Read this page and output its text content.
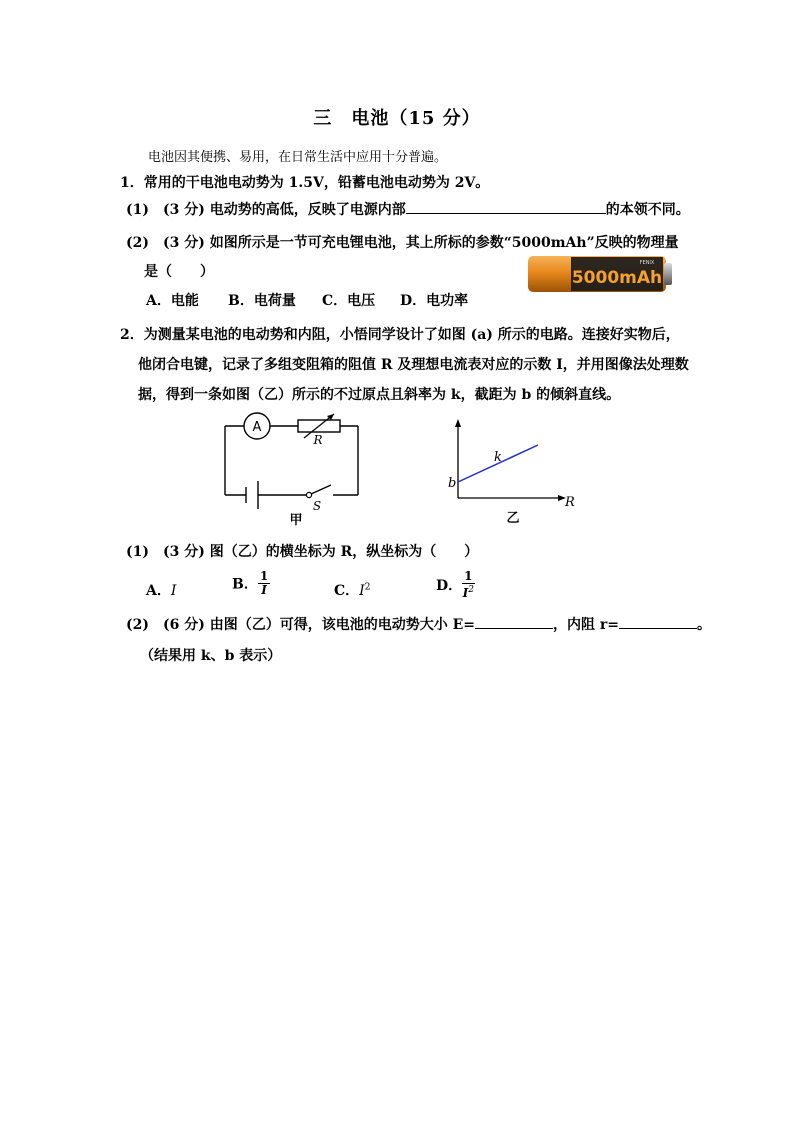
三　电池（15 分）
电池因其便携、易用，在日常生活中应用十分普遍。
1．常用的干电池电动势为 1.5V，铅蓄电池电动势为 2V。
(1)　(3 分) 电动势的高低，反映了电源内部	的本领不同。
(2)　(3 分) 如图所示是一节可充电锂电池，其上所标的参数“5000mAh”反映的物理量
是（　　）	5000mAh
FENIX
A．电能 B．电荷量 C．电压 D．电功率
2．为测量某电池的电动势和内阻，小悟同学设计了如图 (a) 所示的电路。连接好实物后，
他闭合电键，记录了多组变阻箱的阻值 R 及理想电流表对应的示数 I，并用图像法处理数
据，得到一条如图（乙）所示的不过原点且斜率为 k，截距为 b 的倾斜直线。
A
R
S
甲
k
b
R
乙
(1)　(3 分) 图（乙）的横坐标为 R，纵坐标为（　　）
A．I	B． $\frac{1}{I}$	C．$I^2$	D． $\frac{1}{I^2}$
(2)　(6 分) 由图（乙）可得，该电池的电动势大小 E=	，内阻 r=	。
（结果用 k、b 表示）
